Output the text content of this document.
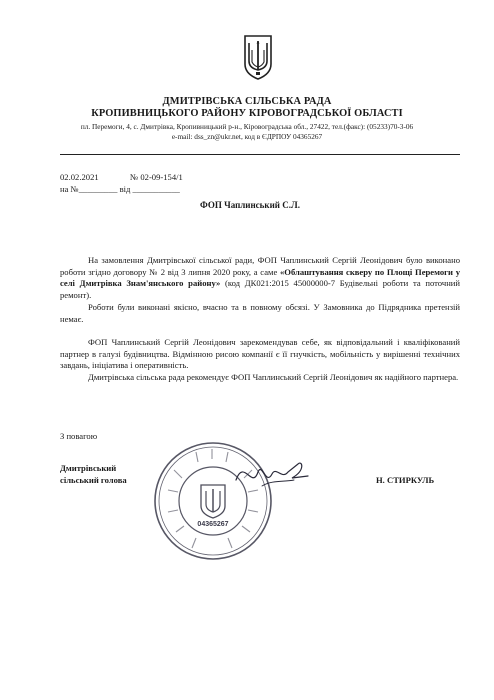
ДМИТРІВСЬКА СІЛЬСЬКА РАДА
КРОПИВНИЦЬКОГО РАЙОНУ КІРОВОГРАДСЬКОЇ ОБЛАСТІ
пл. Перемоги, 4, с. Дмитрівка, Кропивницький р-н., Кіровоградська обл., 27422, тел.(факс): (05233)70-3-06
e-mail: dss_zn@ukr.net, код в ЄДРПОУ 04365267
02.02.2021	№ 02-09-154/1
на №_________ від ___________
ФОП Чаплинський С.Л.
На замовлення Дмитрівської сільської ради, ФОП Чаплинський Сергій Леонідович було виконано роботи згідно договору № 2 від 3 липня 2020 року, а саме «Облаштування скверу по Площі Перемоги у селі Дмитрівка Знам'янського району» (код ДК021:2015 45000000-7 Будівельні роботи та поточний ремонт).
Роботи були виконані якісно, вчасно та в повному обсязі. У Замовника до Підрядника претензій немає.
ФОП Чаплинський Сергій Леонідович зарекомендував себе, як відповідальний і кваліфікований партнер в галузі будівництва. Відмінною рисою компанії є її гнучкість, мобільність у вирішенні технічних завдань, ініціатива і оперативність.
Дмитрівська сільська рада рекомендує ФОП Чаплинський Сергій Леонідович як надійного партнера.
З повагою
Дмитрівський
сільський голова	Н. СТИРКУЛЬ
04365267
